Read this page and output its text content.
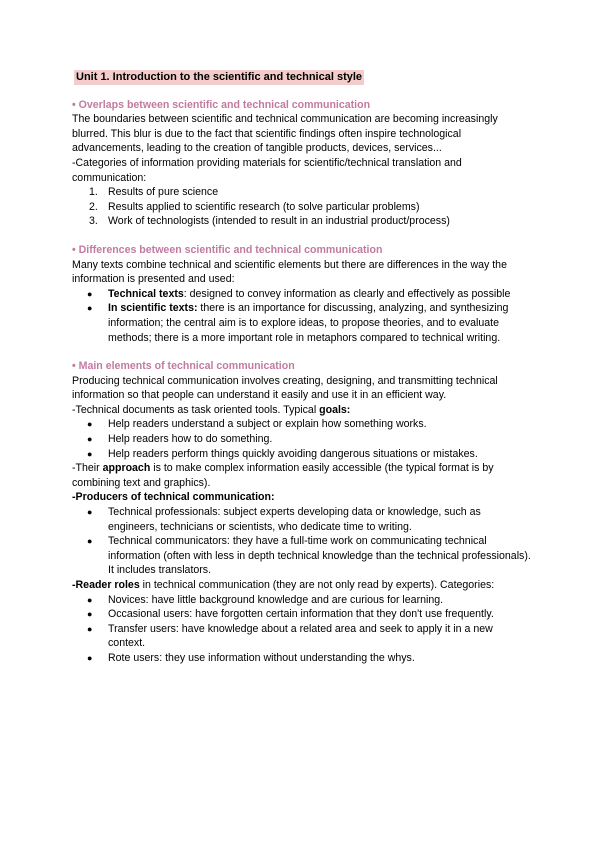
Unit 1. Introduction to the scientific and technical style
• Overlaps between scientific and technical communication

The boundaries between scientific and technical communication are becoming increasingly blurred. This blur is due to the fact that scientific findings often inspire technological advancements, leading to the creation of tangible products, devices, services...

-Categories of information providing materials for scientific/technical translation and communication:

1. Results of pure science
2. Results applied to scientific research (to solve particular problems)
3. Work of technologists (intended to result in an industrial product/process)
• Differences between scientific and technical communication

Many texts combine technical and scientific elements but there are differences in the way the information is presented and used:

● Technical texts: designed to convey information as clearly and effectively as possible
● In scientific texts: there is an importance for discussing, analyzing, and synthesizing information; the central aim is to explore ideas, to propose theories, and to evaluate methods; there is a more important role in metaphors compared to technical writing.
• Main elements of technical communication

Producing technical communication involves creating, designing, and transmitting technical information so that people can understand it easily and use it in an efficient way.

-Technical documents as task oriented tools. Typical goals:

● Help readers understand a subject or explain how something works.
● Help readers how to do something.
● Help readers perform things quickly avoiding dangerous situations or mistakes.

-Their approach is to make complex information easily accessible (the typical format is by combining text and graphics).

-Producers of technical communication:

● Technical professionals: subject experts developing data or knowledge, such as engineers, technicians or scientists, who dedicate time to writing.
● Technical communicators: they have a full-time work on communicating technical information (often with less in depth technical knowledge than the technical professionals). It includes translators.

-Reader roles in technical communication (they are not only read by experts). Categories:

● Novices: have little background knowledge and are curious for learning.
● Occasional users: have forgotten certain information that they don't use frequently.
● Transfer users: have knowledge about a related area and seek to apply it in a new context.
● Rote users: they use information without understanding the whys.
